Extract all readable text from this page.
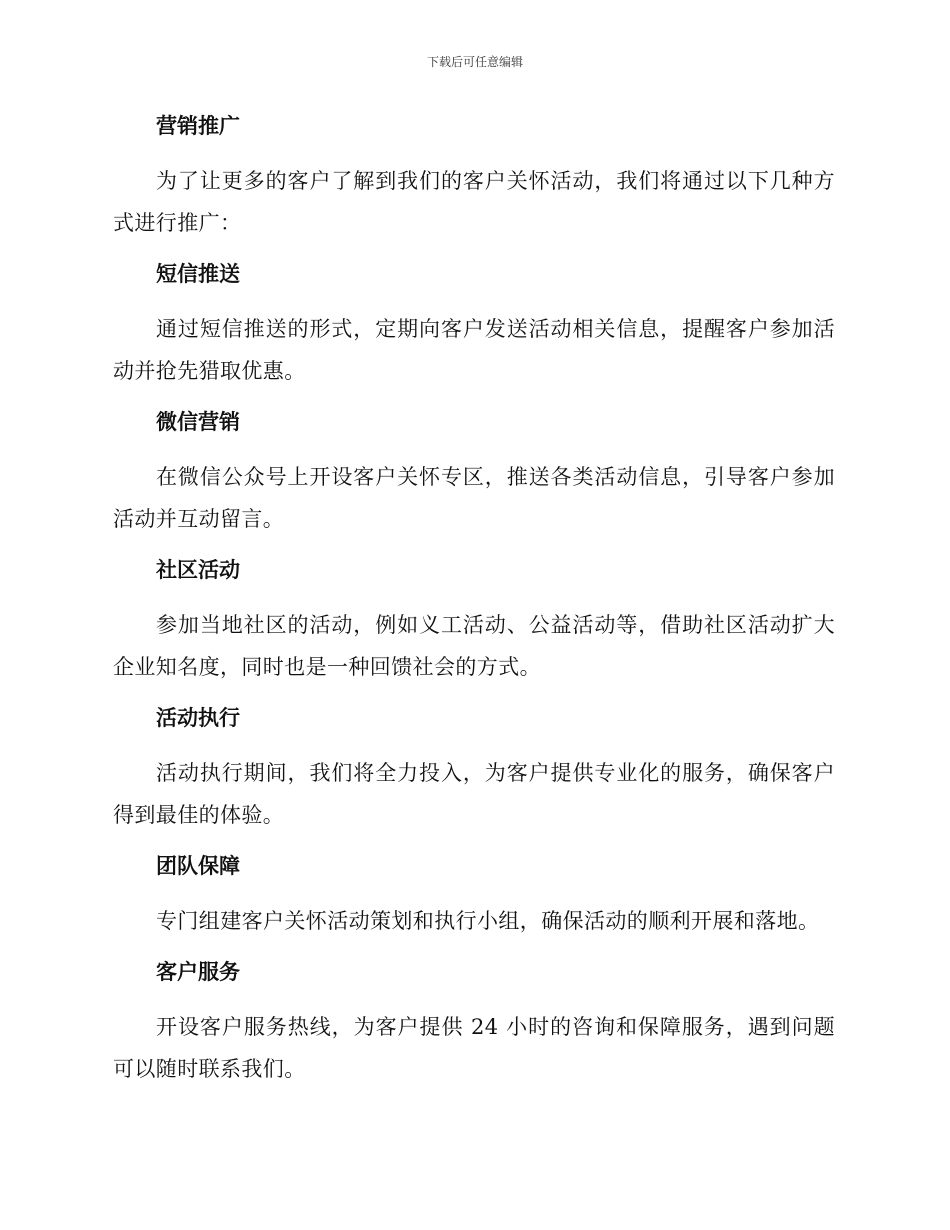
下载后可任意编辑
营销推广

为了让更多的客户了解到我们的客户关怀活动，我们将通过以下几种方式进行推广：

短信推送

通过短信推送的形式，定期向客户发送活动相关信息，提醒客户参加活动并抢先猎取优惠。

微信营销

在微信公众号上开设客户关怀专区，推送各类活动信息，引导客户参加活动并互动留言。

社区活动

参加当地社区的活动，例如义工活动、公益活动等，借助社区活动扩大企业知名度，同时也是一种回馈社会的方式。

活动执行

活动执行期间，我们将全力投入，为客户提供专业化的服务，确保客户得到最佳的体验。

团队保障

专门组建客户关怀活动策划和执行小组，确保活动的顺利开展和落地。

客户服务

开设客户服务热线，为客户提供 24 小时的咨询和保障服务，遇到问题可以随时联系我们。
